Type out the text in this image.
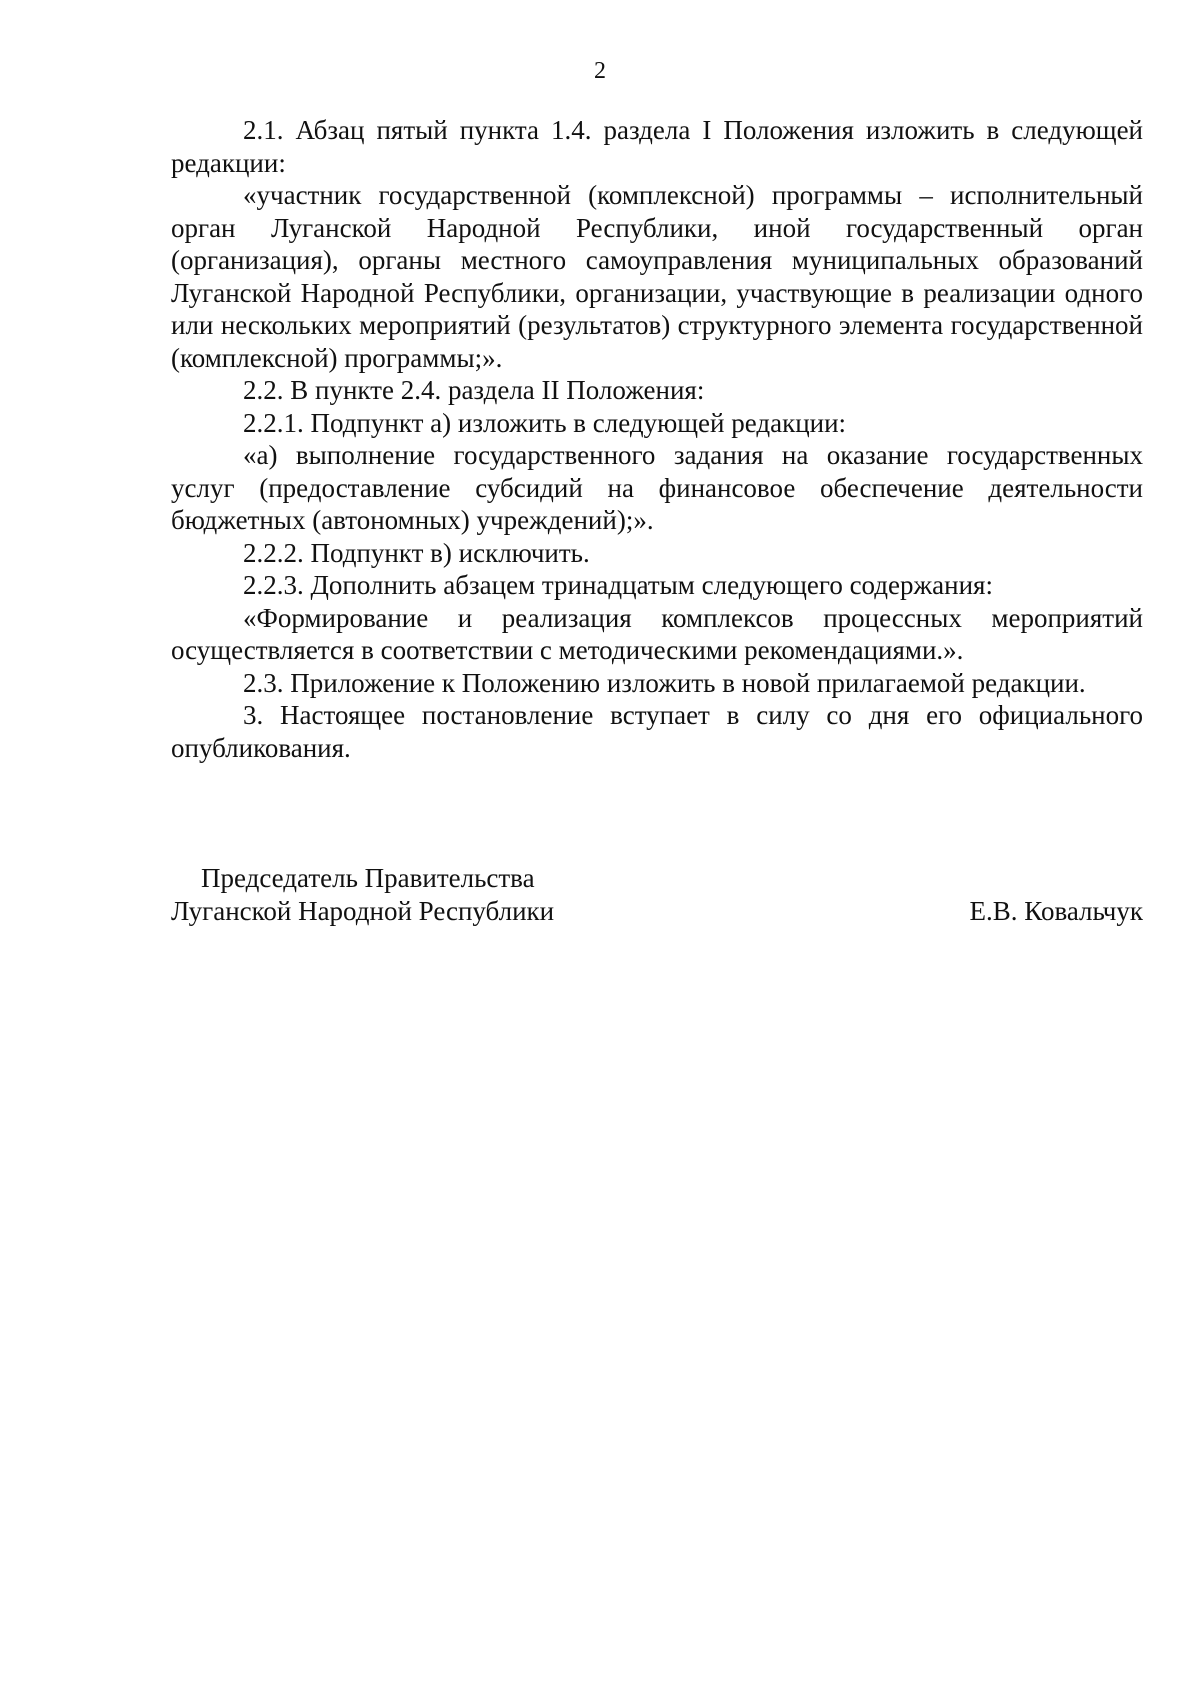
2

2.1. Абзац пятый пункта 1.4. раздела I Положения изложить в следующей редакции:

«участник государственной (комплексной) программы – исполнительный орган Луганской Народной Республики, иной государственный орган (организация), органы местного самоуправления муниципальных образований Луганской Народной Республики, организации, участвующие в реализации одного или нескольких мероприятий (результатов) структурного элемента государственной (комплексной) программы;».

2.2. В пункте 2.4. раздела II Положения:

2.2.1. Подпункт а) изложить в следующей редакции:

«а) выполнение государственного задания на оказание государственных услуг (предоставление субсидий на финансовое обеспечение деятельности бюджетных (автономных) учреждений);».

2.2.2. Подпункт в) исключить.

2.2.3. Дополнить абзацем тринадцатым следующего содержания:

«Формирование и реализация комплексов процессных мероприятий осуществляется в соответствии с методическими рекомендациями.».

2.3. Приложение к Положению изложить в новой прилагаемой редакции.

3. Настоящее постановление вступает в силу со дня его официального опубликования.

Председатель Правительства
Луганской Народной Республики	Е.В. Ковальчук
